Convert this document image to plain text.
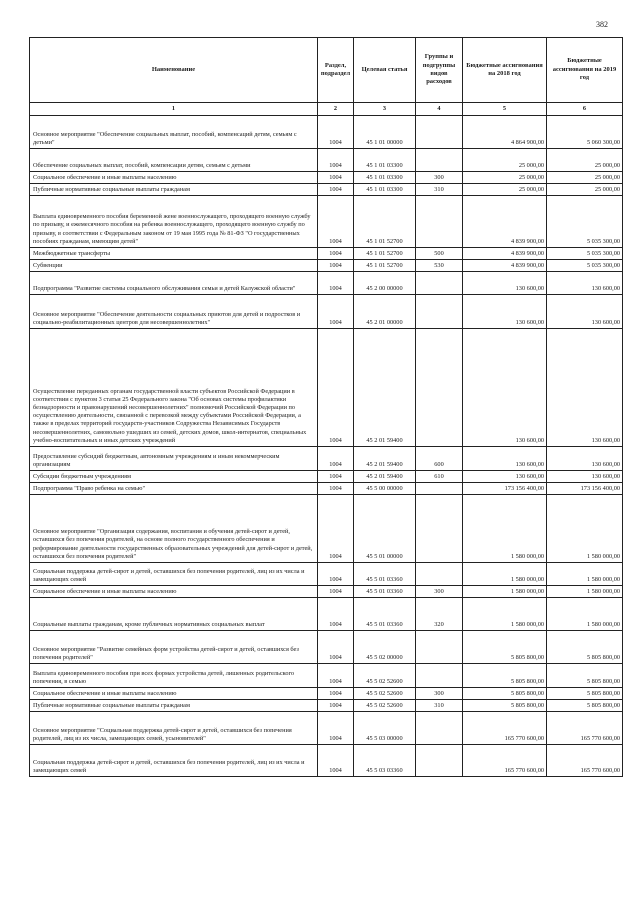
382
Наименование	Раздел, подраздел	Целевая статья	Группы и подгруппы видов расходов	Бюджетные ассигнования на 2018 год	Бюджетные ассигнования на 2019 год
1	2	3	4	5	6
Основное мероприятие "Обеспечение социальных выплат, пособий, компенсаций детям, семьям с детьми"	1004	45 1 01 00000		4 864 900,00	5 060 300,00
Обеспечение социальных выплат, пособий, компенсации детям, семьям с детьми	1004	45 1 01 03300		25 000,00	25 000,00
Социальное обеспечение и иные выплаты населению	1004	45 1 01 03300	300	25 000,00	25 000,00
Публичные нормативные социальные выплаты гражданам	1004	45 1 01 03300	310	25 000,00	25 000,00
Выплата единовременного пособия беременной жене военнослужащего, проходящего военную службу по призыву, и ежемесячного пособия на ребенка военнослужащего, проходящего военную службу по призыву, в соответствии с Федеральным законом от 19 мая 1995 года № 81-ФЗ "О государственных пособиях гражданам, имеющим детей"	1004	45 1 01 52700		4 839 900,00	5 035 300,00
Межбюджетные трансферты	1004	45 1 01 52700	500	4 839 900,00	5 035 300,00
Субвенции	1004	45 1 01 52700	530	4 839 900,00	5 035 300,00
Подпрограмма "Развитие системы социального обслуживания семьи и детей Калужской области"	1004	45 2 00 00000		130 600,00	130 600,00
Основное мероприятие "Обеспечение деятельности социальных приютов для детей и подростков и социально-реабилитационных центров для несовершеннолетних"	1004	45 2 01 00000		130 600,00	130 600,00
Осуществление переданных органам государственной власти субъектов Российской Федерации в соответствии с пунктом 3 статьи 25 Федерального закона "Об основах системы профилактики безнадзорности и правонарушений несовершеннолетних" полномочий Российской Федерации по осуществлению деятельности, связанной с перевозкой между субъектами Российской Федерации, а также в пределах территорий государств-участников Содружества Независимых Государств несовершеннолетних, самовольно ушедших из семей, детских домов, школ-интернатов, специальных учебно-воспитательных и иных детских учреждений	1004	45 2 01 59400		130 600,00	130 600,00
Предоставление субсидий бюджетным, автономным учреждениям и иным некоммерческим организациям	1004	45 2 01 59400	600	130 600,00	130 600,00
Субсидии бюджетным учреждениям	1004	45 2 01 59400	610	130 600,00	130 600,00
Подпрограмма "Право ребенка на семью"	1004	45 5 00 00000		173 156 400,00	173 156 400,00
Основное мероприятие "Организация содержания, воспитания и обучения детей-сирот и детей, оставшихся без попечения родителей, на основе полного государственного обеспечения и реформирование деятельности государственных образовательных учреждений для детей-сирот и детей, оставшихся без попечения родителей"	1004	45 5 01 00000		1 580 000,00	1 580 000,00
Социальная поддержка детей-сирот и детей, оставшихся без попечения родителей, лиц из их числа и замещающих семей	1004	45 5 01 03360		1 580 000,00	1 580 000,00
Социальное обеспечение и иные выплаты населению	1004	45 5 01 03360	300	1 580 000,00	1 580 000,00
Социальные выплаты гражданам, кроме публичных нормативных социальных выплат	1004	45 5 01 03360	320	1 580 000,00	1 580 000,00
Основное мероприятие "Развитие семейных форм устройства детей-сирот и детей, оставшихся без попечения родителей"	1004	45 5 02 00000		5 805 800,00	5 805 800,00
Выплата единовременного пособия при всех формах устройства детей, лишенных родительского попечения, в семью	1004	45 5 02 52600		5 805 800,00	5 805 800,00
Социальное обеспечение и иные выплаты населению	1004	45 5 02 52600	300	5 805 800,00	5 805 800,00
Публичные нормативные социальные выплаты гражданам	1004	45 5 02 52600	310	5 805 800,00	5 805 800,00
Основное мероприятие "Социальная поддержка детей-сирот и детей, оставшихся без попечения родителей, лиц из их числа, замещающих семей, усыновителей"	1004	45 5 03 00000		165 770 600,00	165 770 600,00
Социальная поддержка детей-сирот и детей, оставшихся без попечения родителей, лиц из их числа и замещающих семей	1004	45 5 03 03360		165 770 600,00	165 770 600,00
